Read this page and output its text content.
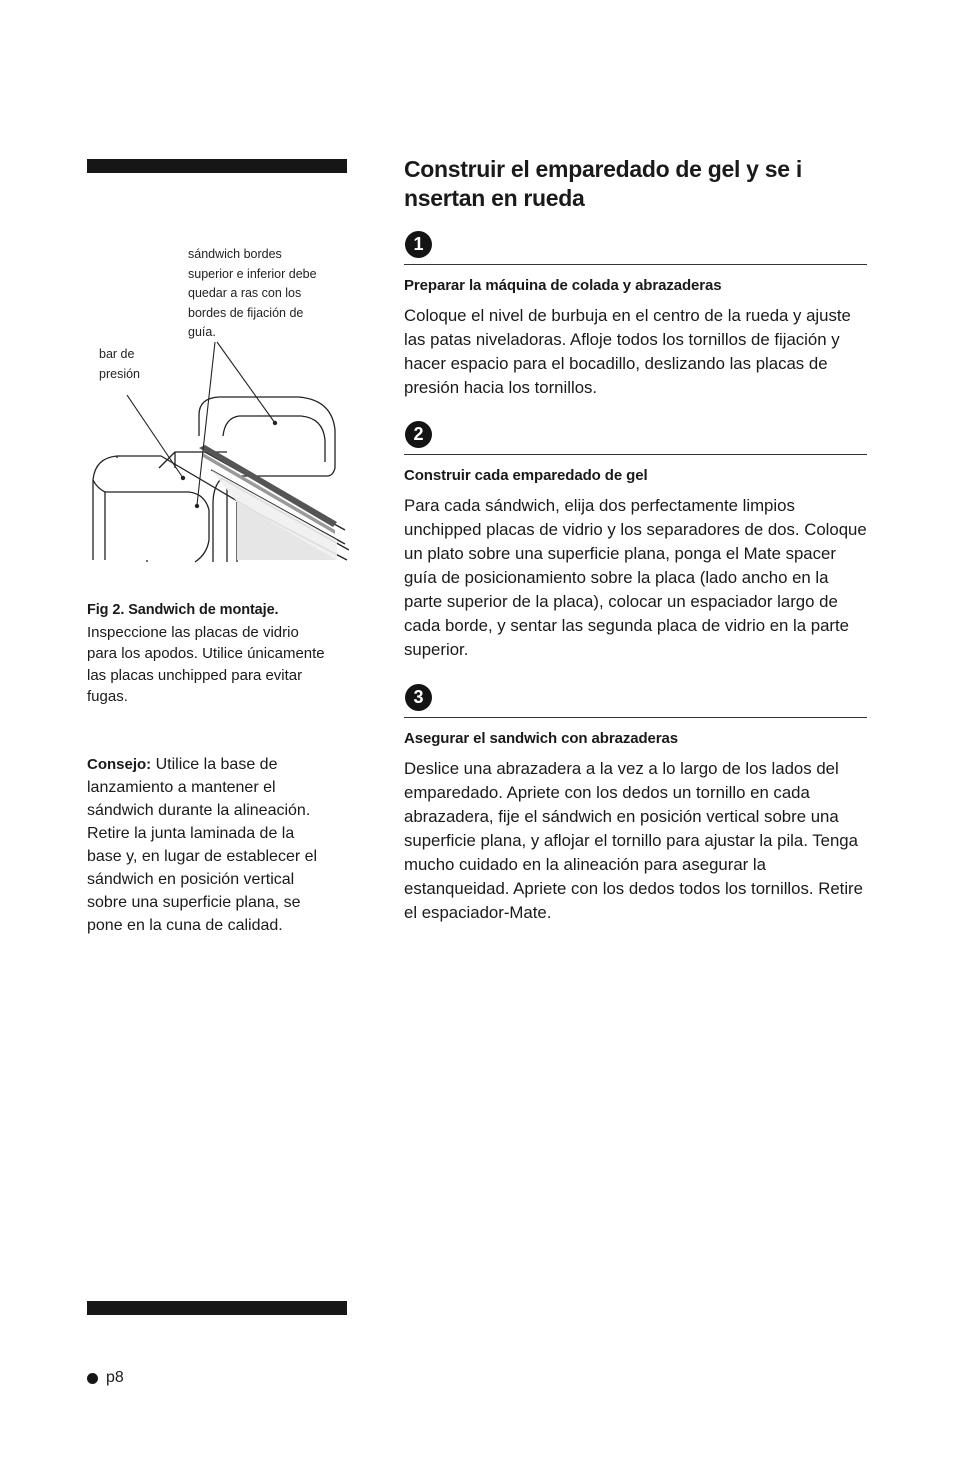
sándwich bordes superior e inferior debe quedar a ras con los bordes de fijación de guía.
bar de presión
Fig 2. Sandwich de montaje.
Inspeccione las placas de vidrio para los apodos. Utilice únicamente las placas unchipped para evitar fugas.
Consejo: Utilice la base de lanzamiento a mantener el sándwich durante la alineación. Retire la junta laminada de la base y, en lugar de establecer el sándwich en posición vertical sobre una superficie plana, se pone en la cuna de calidad.
p8
Construir el emparedado de gel y se i nsertan en rueda
1
Preparar la máquina de colada y abrazaderas
Coloque el nivel de burbuja en el centro de la rueda y ajuste las patas niveladoras. Afloje todos los tornillos de fijación y hacer espacio para el bocadillo, deslizando las placas de presión hacia los tornillos.
2
Construir cada emparedado de gel
Para cada sándwich, elija dos perfectamente limpios unchipped placas de vidrio y los separadores de dos. Coloque un plato sobre una superficie plana, ponga el Mate spacer guía de posicionamiento sobre la placa (lado ancho en la parte superior de la placa), colocar un espaciador largo de cada borde, y sentar las segunda placa de vidrio en la parte superior.
3
Asegurar el sandwich con abrazaderas
Deslice una abrazadera a la vez a lo largo de los lados del emparedado. Apriete con los dedos un tornillo en cada abrazadera, fije el sándwich en posición vertical sobre una superficie plana, y aflojar el tornillo para ajustar la pila. Tenga mucho cuidado en la alineación para asegurar la estanqueidad. Apriete con los dedos todos los tornillos. Retire el espaciador-Mate.
